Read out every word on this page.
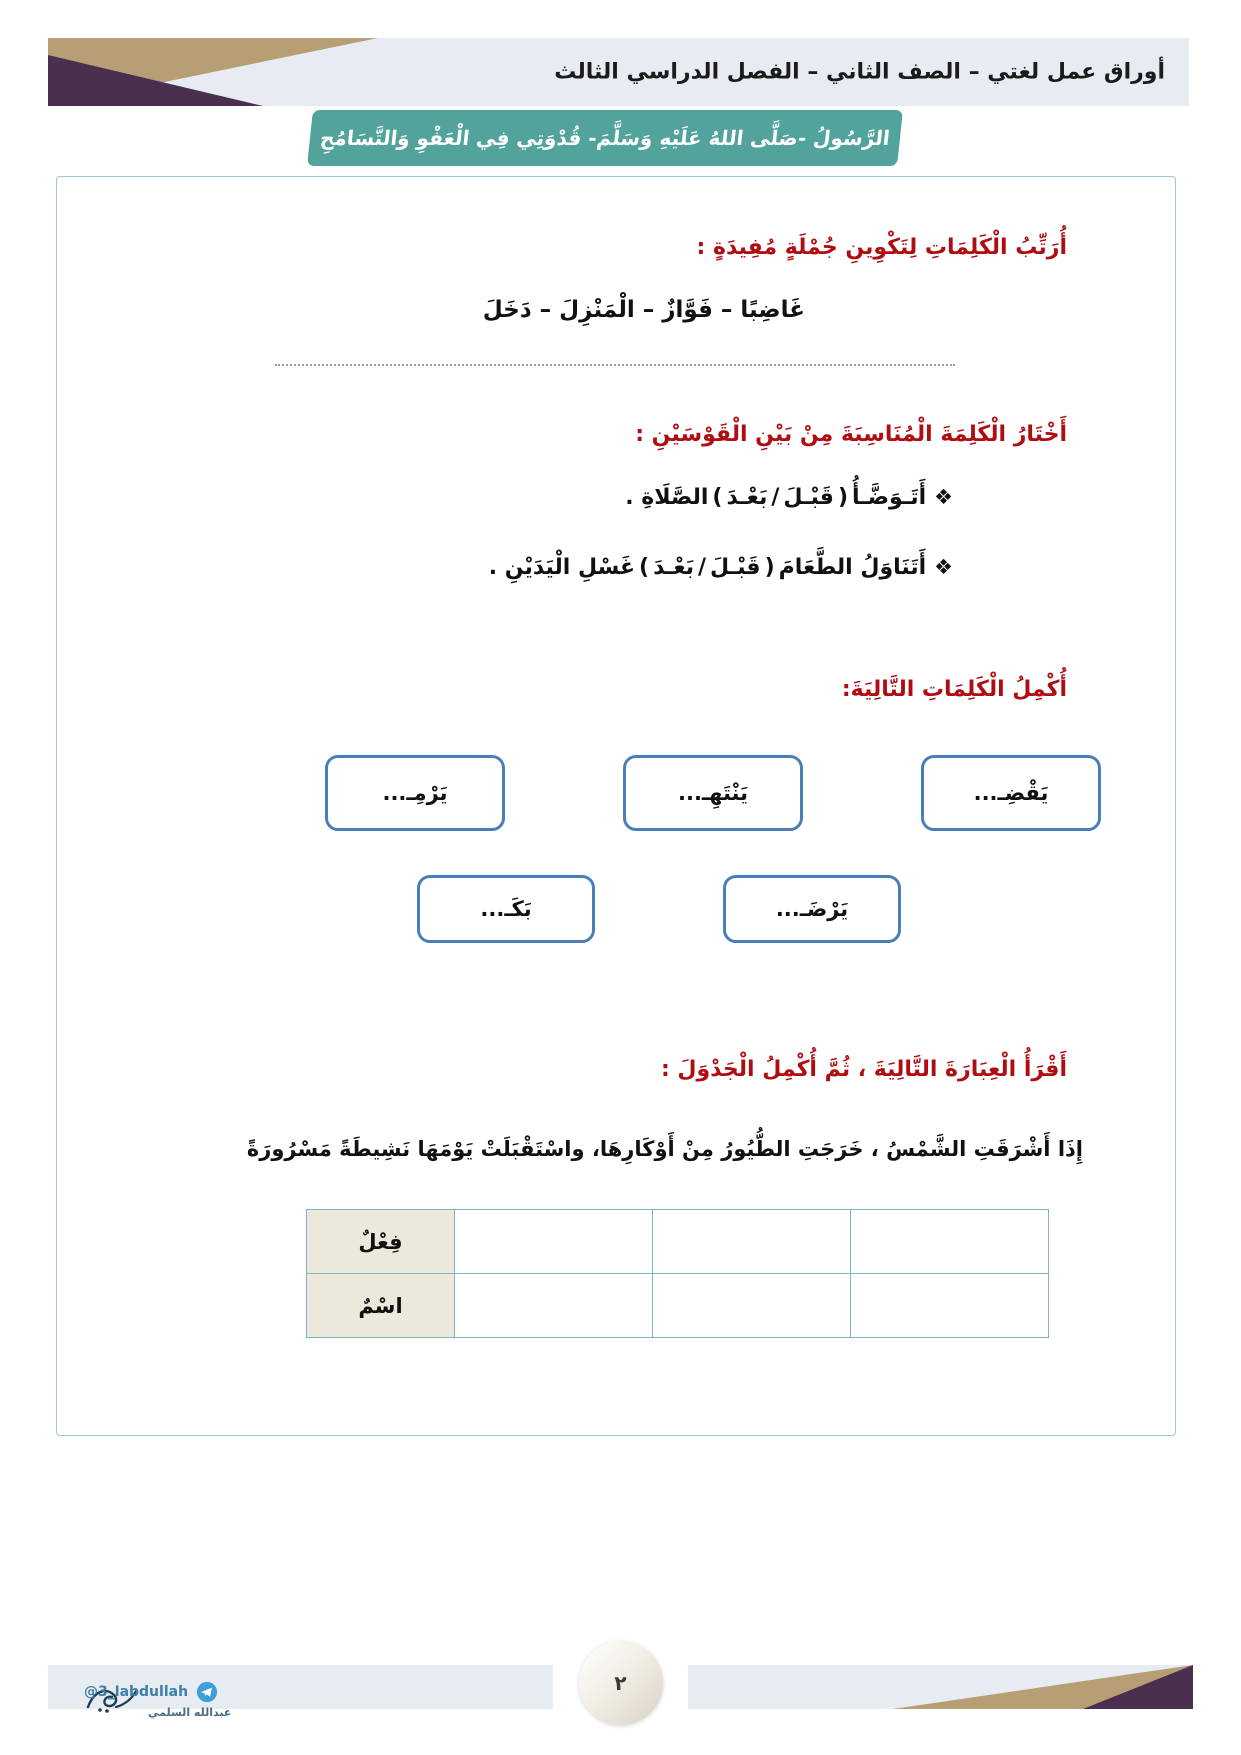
أوراق عمل لغتي – الصف الثاني – الفصل الدراسي الثالث
الرَّسُولُ -صَلَّى اللهُ عَلَيْهِ وَسَلَّمَ- قُدْوَتِي فِي الْعَفْوِ وَالتَّسَامُحِ
أُرَتِّبُ الْكَلِمَاتِ لِتَكْوِينِ جُمْلَةٍ مُفِيدَةٍ :
غَاضِبًا – فَوَّازٌ – الْمَنْزِلَ – دَخَلَ
أَخْتَارُ الْكَلِمَةَ الْمُنَاسِبَةَ مِنْ بَيْنِ الْقَوْسَيْنِ :
❖
أَتَـوَضَّـأُ
(
قَبْـلَ
/
بَعْـدَ
)
الصَّلَاةِ .
❖
أَتَنَاوَلُ الطَّعَامَ
(
قَبْـلَ
/
بَعْـدَ
)
غَسْلِ الْيَدَيْنِ .
أُكْمِلُ الْكَلِمَاتِ التَّالِيَةَ:
يَقْضِـ...
يَنْتَهِـ...
يَرْمِـ...
يَرْضَـ...
بَكَـ...
أَقْرَأُ الْعِبَارَةَ التَّالِيَةَ ، ثُمَّ أُكْمِلُ الْجَدْوَلَ :
إِذَا أَشْرَقَتِ الشَّمْسُ ، خَرَجَتِ الطُّيُورُ مِنْ أَوْكَارِهَا، واسْتَقْبَلَتْ يَوْمَهَا نَشِيطَةً مَسْرُورَةً
			فِعْلٌ
			اسْمٌ
عبدالله السلمي
@ا_3abdullah	٢
